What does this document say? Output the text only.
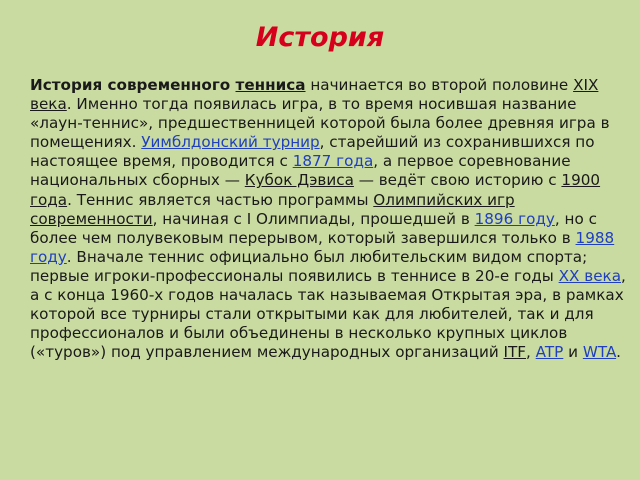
История

История современного тенниса начинается во второй половине XIX века. Именно тогда появилась игра, в то время носившая название «лаун-теннис», предшественницей которой была более древняя игра в помещениях. Уимблдонский турнир, старейший из сохранившихся по настоящее время, проводится с 1877 года, а первое соревнование национальных сборных — Кубок Дэвиса — ведёт свою историю с 1900 года. Теннис является частью программы Олимпийских игр современности, начиная с I Олимпиады, прошедшей в 1896 году, но с более чем полувековым перерывом, который завершился только в 1988 году. Вначале теннис официально был любительским видом спорта; первые игроки-профессионалы появились в теннисе в 20-е годы XX века, а с конца 1960-х годов началась так называемая Открытая эра, в рамках которой все турниры стали открытыми как для любителей, так и для профессионалов и были объединены в несколько крупных циклов («туров») под управлением международных организаций ITF, ATP и WTA.
